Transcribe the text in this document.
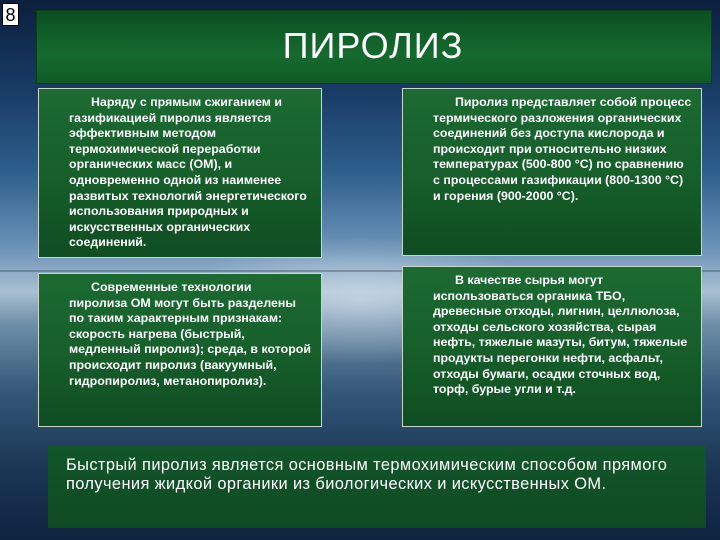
8
ПИРОЛИЗ

Наряду с прямым сжиганием и газификацией пиролиз является эффективным методом термохимической переработки органических масс (ОМ), и одновременно одной из наименее развитых технологий энергетического использования природных и искусственных органических соединений.

Пиролиз представляет собой процесс термического разложения органических соединений без доступа кислорода и происходит при относительно низких температурах (500-800 °С) по сравнению с процессами газификации (800-1300 °С) и горения (900-2000 °С).

Современные технологии пиролиза ОМ могут быть разделены по таким характерным признакам: скорость нагрева (быстрый, медленный пиролиз); среда, в которой происходит пиролиз (вакуумный, гидропиролиз, метанопиролиз).

В качестве сырья могут использоваться органика ТБО, древесные отходы, лигнин, целлюлоза, отходы сельского хозяйства, сырая нефть, тяжелые мазуты, битум, тяжелые продукты перегонки нефти, асфальт, отходы бумаги, осадки сточных вод, торф, бурые угли и т.д.

Быстрый пиролиз является основным термохимическим способом прямого получения жидкой органики из биологических и искусственных ОМ.
